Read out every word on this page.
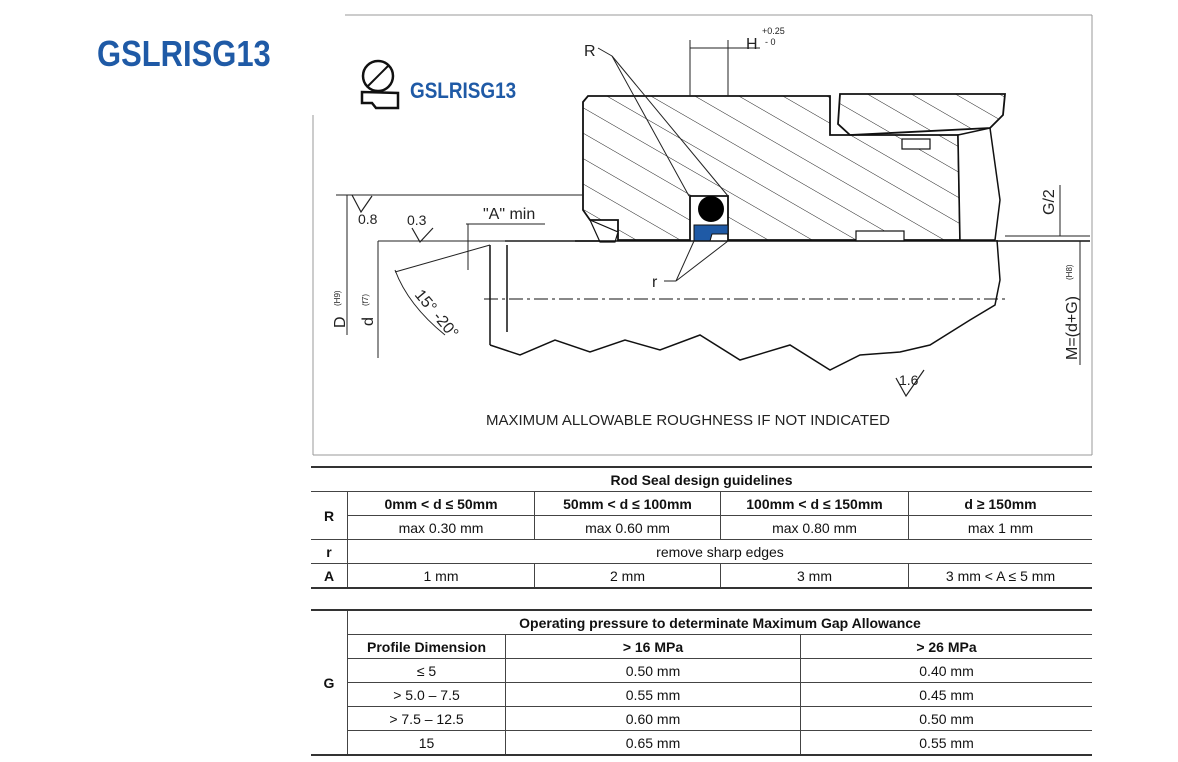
GSLRISG13
GSLRISG13
R	H
+0.25
- 0
r
"A" min
0.8 0.3
1.6
15° -20°
D
(H9)
d
(f7)
G/2
M=(d+G)
(H8)
MAXIMUM ALLOWABLE ROUGHNESS IF NOT INDICATED
Rod Seal design guidelines				
R	0mm < d ≤ 50mm	50mm < d ≤ 100mm	100mm < d ≤ 150mm	d ≥ 150mm
	max 0.30 mm	max 0.60 mm	max 0.80 mm	max 1 mm
r	remove sharp edges			
A	1 mm	2 mm	3 mm	3 mm < A ≤ 5 mm
G	Operating pressure to determinate Maximum Gap Allowance		
	Profile Dimension	> 16 MPa	> 26 MPa
	≤ 5	0.50 mm	0.40 mm
	> 5.0 – 7.5	0.55 mm	0.45 mm
	> 7.5 – 12.5	0.60 mm	0.50 mm
	15	0.65 mm	0.55 mm
